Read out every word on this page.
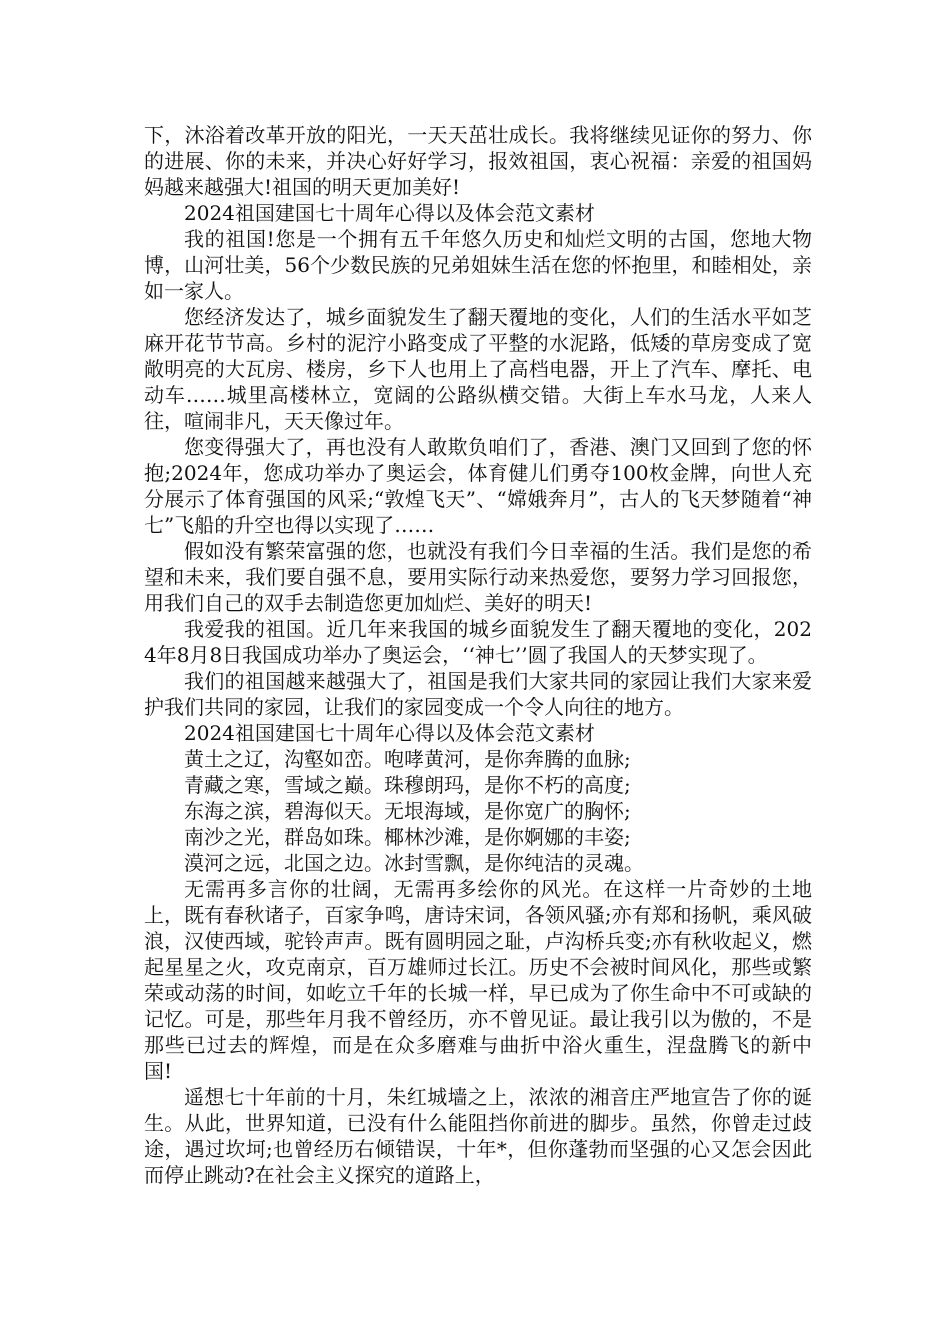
下，沐浴着改革开放的阳光，一天天茁壮成长。我将继续见证你的努力、你的进展、你的未来，并决心好好学习，报效祖国，衷心祝福：亲爱的祖国妈妈越来越强大!祖国的明天更加美好!

2024祖国建国七十周年心得以及体会范文素材

我的祖国!您是一个拥有五千年悠久历史和灿烂文明的古国，您地大物博，山河壮美，56个少数民族的兄弟姐妹生活在您的怀抱里，和睦相处，亲如一家人。

您经济发达了，城乡面貌发生了翻天覆地的变化，人们的生活水平如芝麻开花节节高。乡村的泥泞小路变成了平整的水泥路，低矮的草房变成了宽敞明亮的大瓦房、楼房，乡下人也用上了高档电器，开上了汽车、摩托、电动车……城里高楼林立，宽阔的公路纵横交错。大街上车水马龙，人来人往，喧闹非凡，天天像过年。

您变得强大了，再也没有人敢欺负咱们了，香港、澳门又回到了您的怀抱;2024年，您成功举办了奥运会，体育健儿们勇夺100枚金牌，向世人充分展示了体育强国的风采;“敦煌飞天”、“嫦娥奔月”，古人的飞天梦随着“神七”飞船的升空也得以实现了……

假如没有繁荣富强的您，也就没有我们今日幸福的生活。我们是您的希望和未来，我们要自强不息，要用实际行动来热爱您，要努力学习回报您，用我们自己的双手去制造您更加灿烂、美好的明天!

我爱我的祖国。近几年来我国的城乡面貌发生了翻天覆地的变化，2024年8月8日我国成功举办了奥运会，‘‘神七’’圆了我国人的天梦实现了。

我们的祖国越来越强大了，祖国是我们大家共同的家园让我们大家来爱护我们共同的家园，让我们的家园变成一个令人向往的地方。

2024祖国建国七十周年心得以及体会范文素材

黄土之辽，沟壑如峦。咆哮黄河，是你奔腾的血脉;

青藏之寒，雪域之巅。珠穆朗玛，是你不朽的高度;

东海之滨，碧海似天。无垠海域，是你宽广的胸怀;

南沙之光，群岛如珠。椰林沙滩，是你婀娜的丰姿;

漠河之远，北国之边。冰封雪飘，是你纯洁的灵魂。

无需再多言你的壮阔，无需再多绘你的风光。在这样一片奇妙的土地上，既有春秋诸子，百家争鸣，唐诗宋词，各领风骚;亦有郑和扬帆，乘风破浪，汉使西域，驼铃声声。既有圆明园之耻，卢沟桥兵变;亦有秋收起义，燃起星星之火，攻克南京，百万雄师过长江。历史不会被时间风化，那些或繁荣或动荡的时间，如屹立千年的长城一样，早已成为了你生命中不可或缺的记忆。可是，那些年月我不曾经历，亦不曾见证。最让我引以为傲的，不是那些已过去的辉煌，而是在众多磨难与曲折中浴火重生，涅盘腾飞的新中国!

遥想七十年前的十月，朱红城墙之上，浓浓的湘音庄严地宣告了你的诞生。从此，世界知道，已没有什么能阻挡你前进的脚步。虽然，你曾走过歧途，遇过坎坷;也曾经历右倾错误，十年*，但你蓬勃而坚强的心又怎会因此而停止跳动?在社会主义探究的道路上，
